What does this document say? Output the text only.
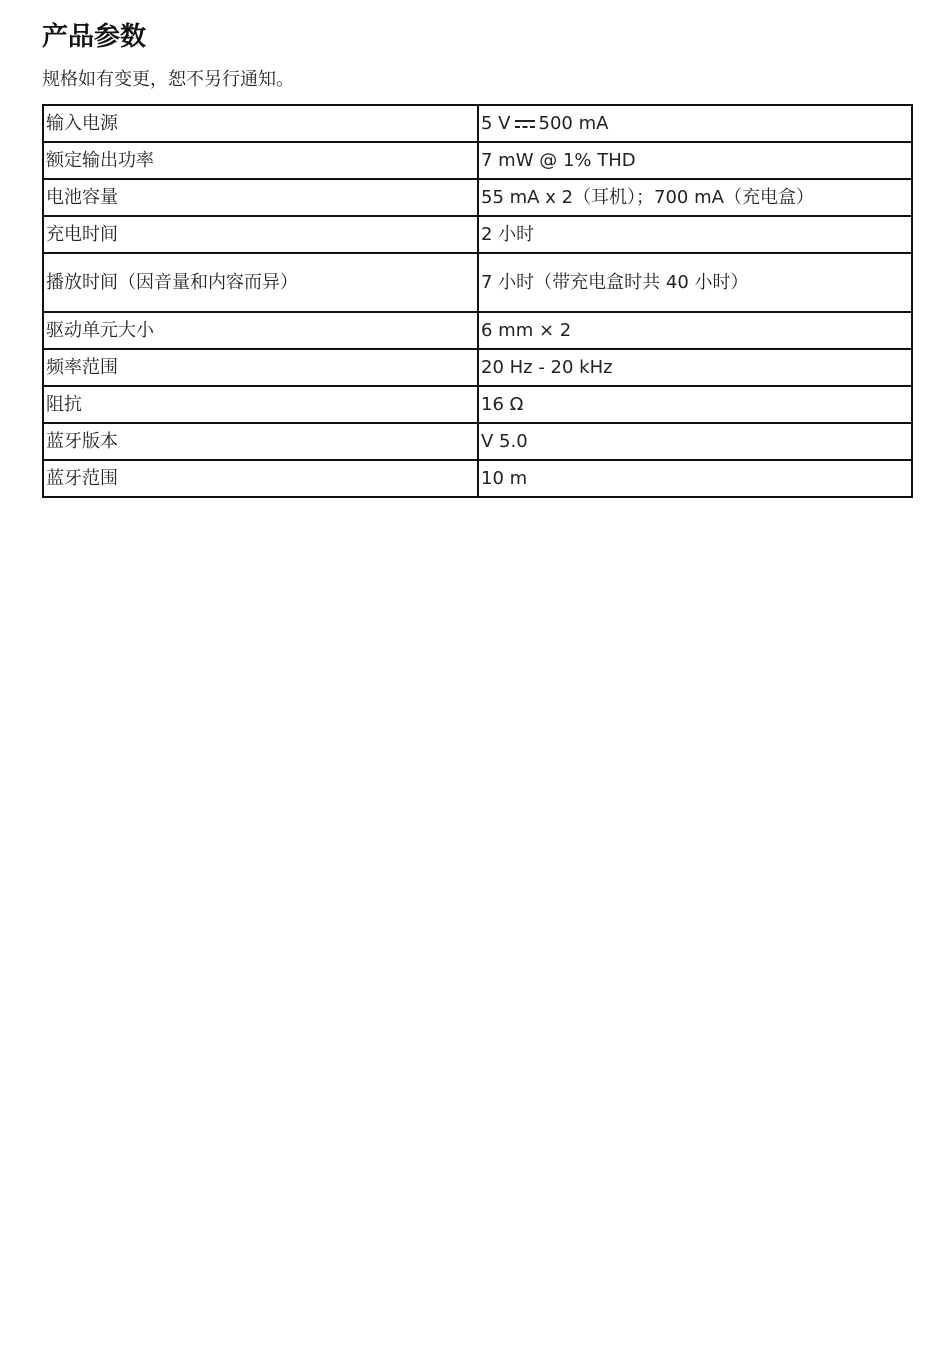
产品参数
规格如有变更，恕不另行通知。
输入电源	5 V 500 mA
额定输出功率	7 mW @ 1% THD
电池容量	55 mA x 2（耳机）；700 mA（充电盒）
充电时间	2 小时
播放时间（因音量和内容而异）	7 小时（带充电盒时共 40 小时）
驱动单元大小	6 mm × 2
频率范围	20 Hz - 20 kHz
阻抗	16 Ω
蓝牙版本	V 5.0
蓝牙范围	10 m
